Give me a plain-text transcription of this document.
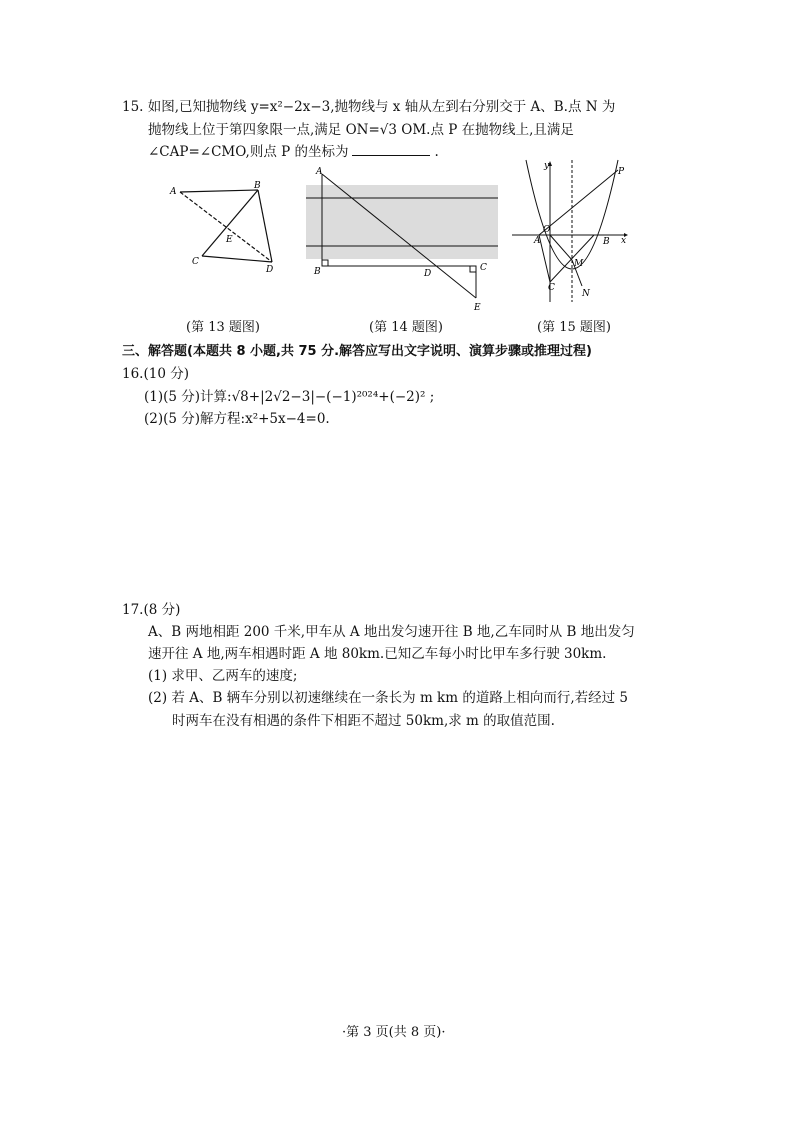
15. 如图,已知抛物线 y=x²−2x−3,抛物线与 x 轴从左到右分别交于 A、B.点 N 为
抛物线上位于第四象限一点,满足 ON=√3 OM.点 P 在抛物线上,且满足
∠CAP=∠CMO,则点 P 的坐标为	.
A
B
E
C
D
(第 13 题图)
A
B	D
C
E
(第 14 题图)
y
P
A
O
B x
M
C
N
(第 15 题图)
三、解答题(本题共 8 小题,共 75 分.解答应写出文字说明、演算步骤或推理过程)
16.(10 分)
(1)(5 分)计算:√8+|2√2−3|−(−1)²⁰²⁴+(−2)² ;
(2)(5 分)解方程:x²+5x−4=0.
17.(8 分)
A、B 两地相距 200 千米,甲车从 A 地出发匀速开往 B 地,乙车同时从 B 地出发匀
速开往 A 地,两车相遇时距 A 地 80km.已知乙车每小时比甲车多行驶 30km.
(1) 求甲、乙两车的速度;
(2) 若 A、B 辆车分别以初速继续在一条长为 m km 的道路上相向而行,若经过 5
时两车在没有相遇的条件下相距不超过 50km,求 m 的取值范围.
·第 3 页(共 8 页)·
